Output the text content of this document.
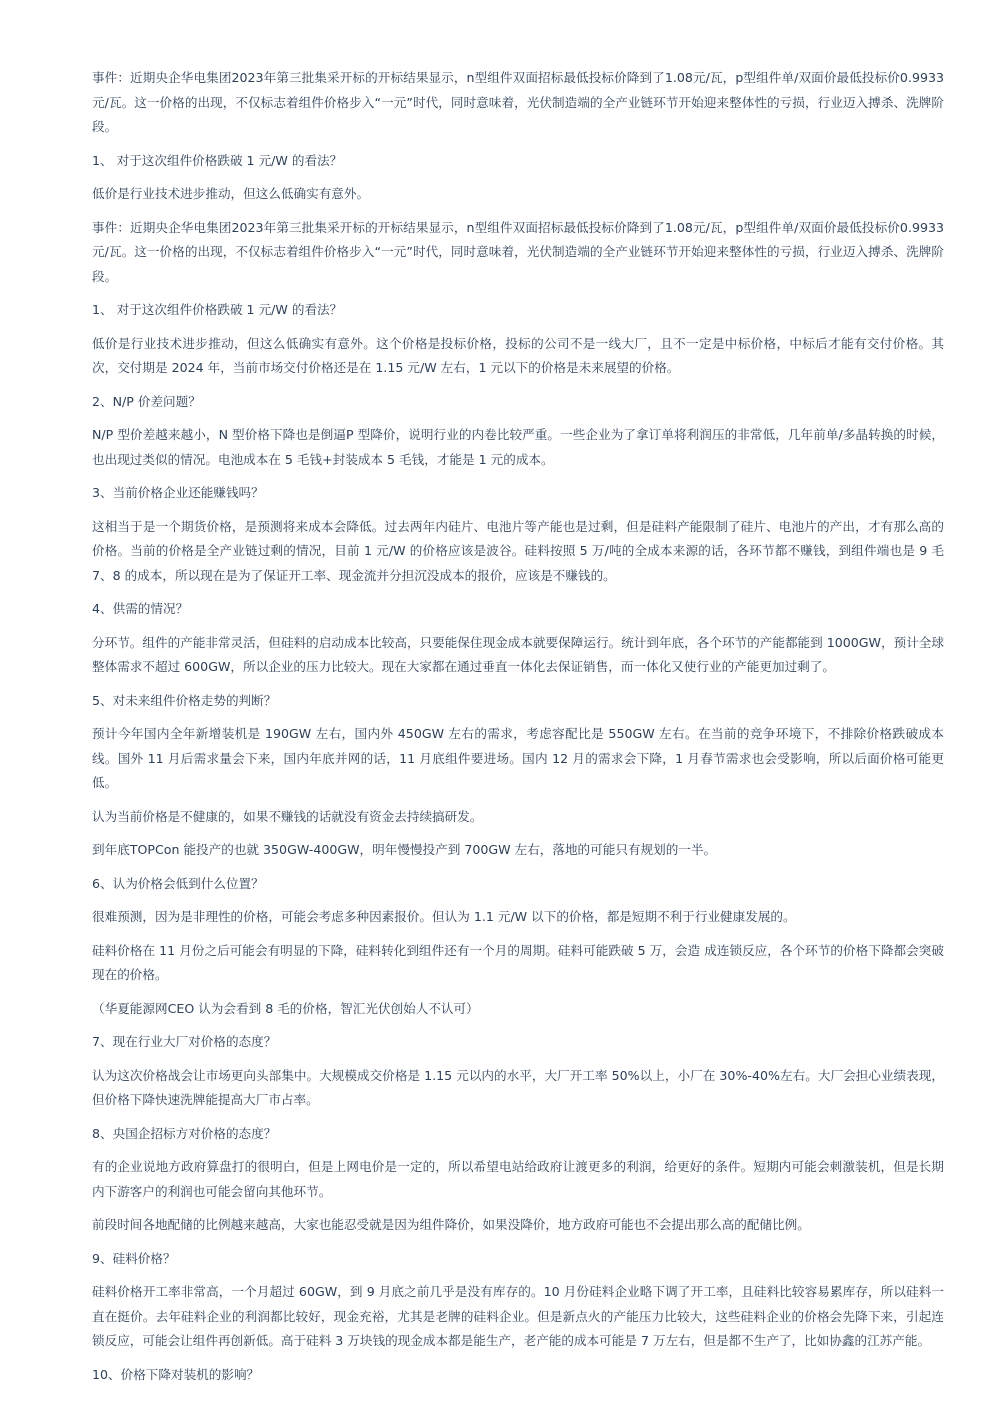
事件：近期央企华电集团2023年第三批集采开标的开标结果显示，n型组件双面招标最低投标价降到了1.08元/瓦，p型组件单/双面价最低投标价0.9933元/瓦。这一价格的出现，不仅标志着组件价格步入“一元”时代，同时意味着，光伏制造端的全产业链环节开始迎来整体性的亏损，行业迈入搏杀、洗牌阶段。

1、 对于这次组件价格跌破 1 元/W 的看法？

低价是行业技术进步推动，但这么低确实有意外。

事件：近期央企华电集团2023年第三批集采开标的开标结果显示，n型组件双面招标最低投标价降到了1.08元/瓦，p型组件单/双面价最低投标价0.9933元/瓦。这一价格的出现，不仅标志着组件价格步入“一元”时代，同时意味着，光伏制造端的全产业链环节开始迎来整体性的亏损，行业迈入搏杀、洗牌阶段。

1、 对于这次组件价格跌破 1 元/W 的看法？

低价是行业技术进步推动，但这么低确实有意外。这个价格是投标价格，投标的公司不是一线大厂，且不一定是中标价格，中标后才能有交付价格。其次，交付期是 2024 年，当前市场交付价格还是在 1.15 元/W 左右，1 元以下的价格是未来展望的价格。

2、N/P 价差问题？

N/P 型价差越来越小，N 型价格下降也是倒逼P 型降价，说明行业的内卷比较严重。一些企业为了拿订单将利润压的非常低，几年前单/多晶转换的时候，也出现过类似的情况。电池成本在 5 毛钱+封装成本 5 毛钱，才能是 1 元的成本。

3、当前价格企业还能赚钱吗？

这相当于是一个期货价格，是预测将来成本会降低。过去两年内硅片、电池片等产能也是过剩，但是硅料产能限制了硅片、电池片的产出，才有那么高的价格。当前的价格是全产业链过剩的情况，目前 1 元/W 的价格应该是波谷。硅料按照 5 万/吨的全成本来源的话，各环节都不赚钱，到组件端也是 9 毛 7、8 的成本，所以现在是为了保证开工率、现金流并分担沉没成本的报价，应该是不赚钱的。

4、供需的情况？

分环节。组件的产能非常灵活，但硅料的启动成本比较高，只要能保住现金成本就要保障运行。统计到年底，各个环节的产能都能到 1000GW，预计全球整体需求不超过 600GW，所以企业的压力比较大。现在大家都在通过垂直一体化去保证销售，而一体化又使行业的产能更加过剩了。

5、对未来组件价格走势的判断？

预计今年国内全年新增装机是 190GW 左右，国内外 450GW 左右的需求，考虑容配比是 550GW 左右。在当前的竞争环境下，不排除价格跌破成本线。国外 11 月后需求量会下来，国内年底并网的话，11 月底组件要进场。国内 12 月的需求会下降，1 月春节需求也会受影响，所以后面价格可能更低。

认为当前价格是不健康的，如果不赚钱的话就没有资金去持续搞研发。

到年底TOPCon 能投产的也就 350GW-400GW，明年慢慢投产到 700GW 左右，落地的可能只有规划的一半。

6、认为价格会低到什么位置？

很难预测，因为是非理性的价格，可能会考虑多种因素报价。但认为 1.1 元/W 以下的价格，都是短期不利于行业健康发展的。

硅料价格在 11 月份之后可能会有明显的下降，硅料转化到组件还有一个月的周期。硅料可能跌破 5 万，会造 成连锁反应，各个环节的价格下降都会突破现在的价格。

（华夏能源网CEO 认为会看到 8 毛的价格，智汇光伏创始人不认可）

7、现在行业大厂对价格的态度？

认为这次价格战会让市场更向头部集中。大规模成交价格是 1.15 元以内的水平，大厂开工率 50%以上，小厂在 30%-40%左右。大厂会担心业绩表现，但价格下降快速洗牌能提高大厂市占率。

8、央国企招标方对价格的态度？

有的企业说地方政府算盘打的很明白，但是上网电价是一定的，所以希望电站给政府让渡更多的利润，给更好的条件。短期内可能会刺激装机，但是长期内下游客户的利润也可能会留向其他环节。

前段时间各地配储的比例越来越高，大家也能忍受就是因为组件降价，如果没降价，地方政府可能也不会提出那么高的配储比例。

9、硅料价格？

硅料价格开工率非常高，一个月超过 60GW，到 9 月底之前几乎是没有库存的。10 月份硅料企业略下调了开工率，且硅料比较容易累库存，所以硅料一直在挺价。去年硅料企业的利润都比较好，现金充裕，尤其是老牌的硅料企业。但是新点火的产能压力比较大，这些硅料企业的价格会先降下来，引起连锁反应，可能会让组件再创新低。高于硅料 3 万块钱的现金成本都是能生产，老产能的成本可能是 7 万左右，但是都不生产了，比如协鑫的江苏产能。

10、价格下降对装机的影响？
